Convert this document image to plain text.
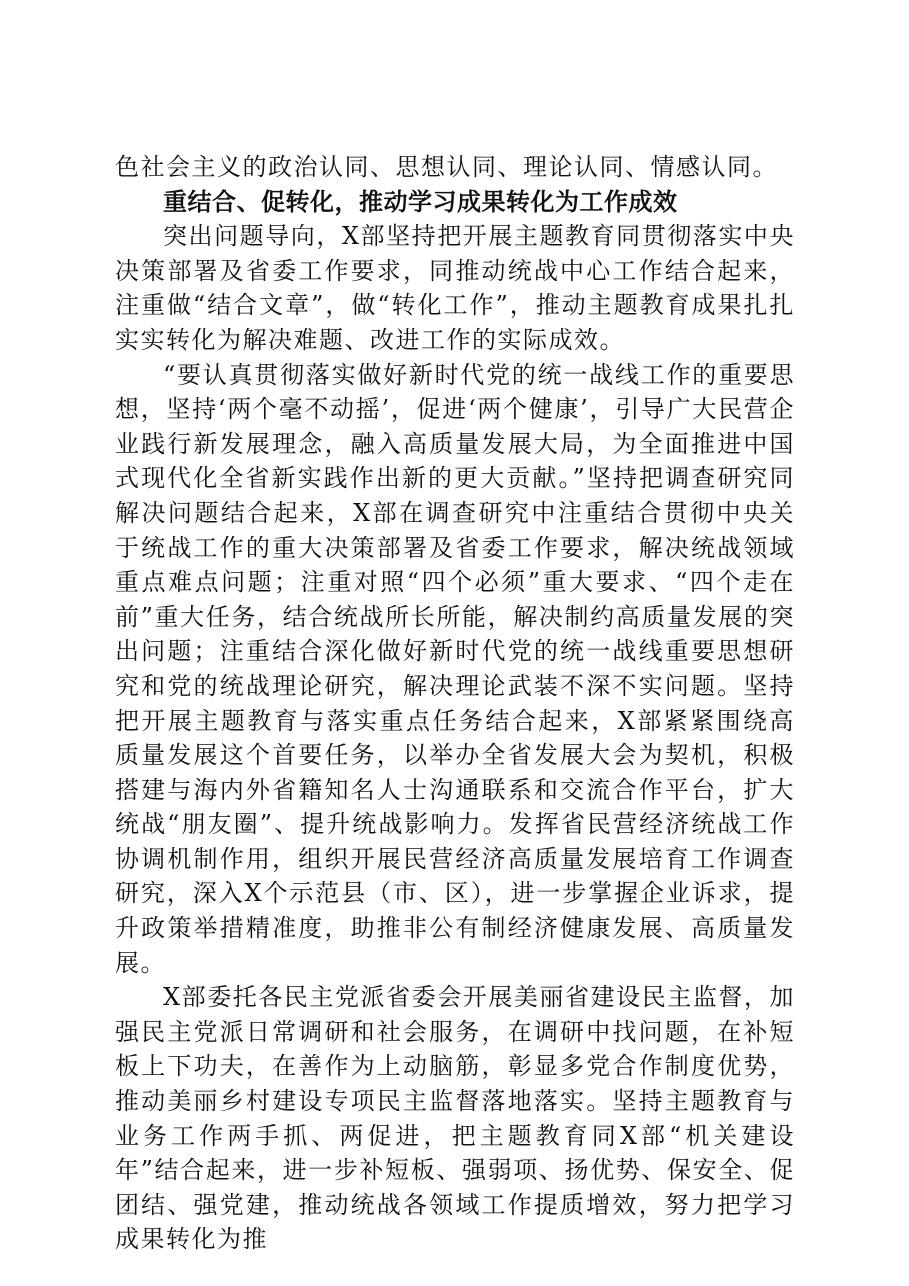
色社会主义的政治认同、思想认同、理论认同、情感认同。

重结合、促转化，推动学习成果转化为工作成效

突出问题导向，X部坚持把开展主题教育同贯彻落实中央决策部署及省委工作要求，同推动统战中心工作结合起来，注重做“结合文章”，做“转化工作”，推动主题教育成果扎扎实实转化为解决难题、改进工作的实际成效。

“要认真贯彻落实做好新时代党的统一战线工作的重要思想，坚持‘两个毫不动摇’，促进‘两个健康’，引导广大民营企业践行新发展理念，融入高质量发展大局，为全面推进中国式现代化全省新实践作出新的更大贡献。”坚持把调查研究同解决问题结合起来，X部在调查研究中注重结合贯彻中央关于统战工作的重大决策部署及省委工作要求，解决统战领域重点难点问题；注重对照“四个必须”重大要求、“四个走在前”重大任务，结合统战所长所能，解决制约高质量发展的突出问题；注重结合深化做好新时代党的统一战线重要思想研究和党的统战理论研究，解决理论武装不深不实问题。坚持把开展主题教育与落实重点任务结合起来，X部紧紧围绕高质量发展这个首要任务，以举办全省发展大会为契机，积极搭建与海内外省籍知名人士沟通联系和交流合作平台，扩大统战“朋友圈”、提升统战影响力。发挥省民营经济统战工作协调机制作用，组织开展民营经济高质量发展培育工作调查研究，深入X个示范县（市、区），进一步掌握企业诉求，提升政策举措精准度，助推非公有制经济健康发展、高质量发展。

X部委托各民主党派省委会开展美丽省建设民主监督，加强民主党派日常调研和社会服务，在调研中找问题，在补短板上下功夫，在善作为上动脑筋，彰显多党合作制度优势，推动美丽乡村建设专项民主监督落地落实。坚持主题教育与业务工作两手抓、两促进，把主题教育同X部“机关建设年”结合起来，进一步补短板、强弱项、扬优势、保安全、促团结、强党建，推动统战各领域工作提质增效，努力把学习成果转化为推
